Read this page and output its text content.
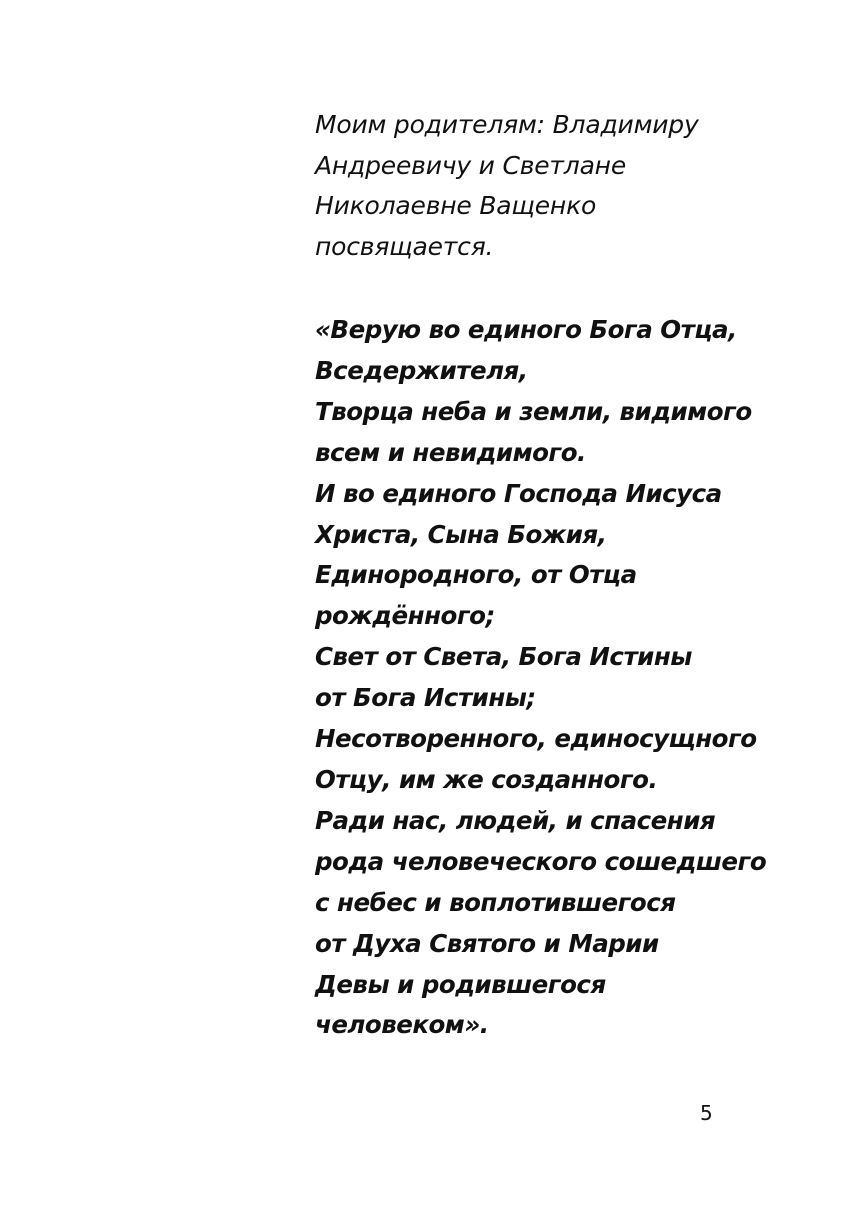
Моим родителям: Владимиру
Андреевичу и Светлане
Николаевне Ващенко
посвящается.

«Верую во единого Бога Отца,
Вседержителя,
Творца неба и земли, видимого
всем и невидимого.
И во единого Господа Иисуса
Христа, Сына Божия,
Единородного, от Отца
рождённого;
Свет от Света, Бога Истины
от Бога Истины;
Несотворенного, единосущного
Отцу, им же созданного.
Ради нас, людей, и спасения
рода человеческого сошедшего
с небес и воплотившегося
от Духа Святого и Марии
Девы и родившегося
человеком».

5
